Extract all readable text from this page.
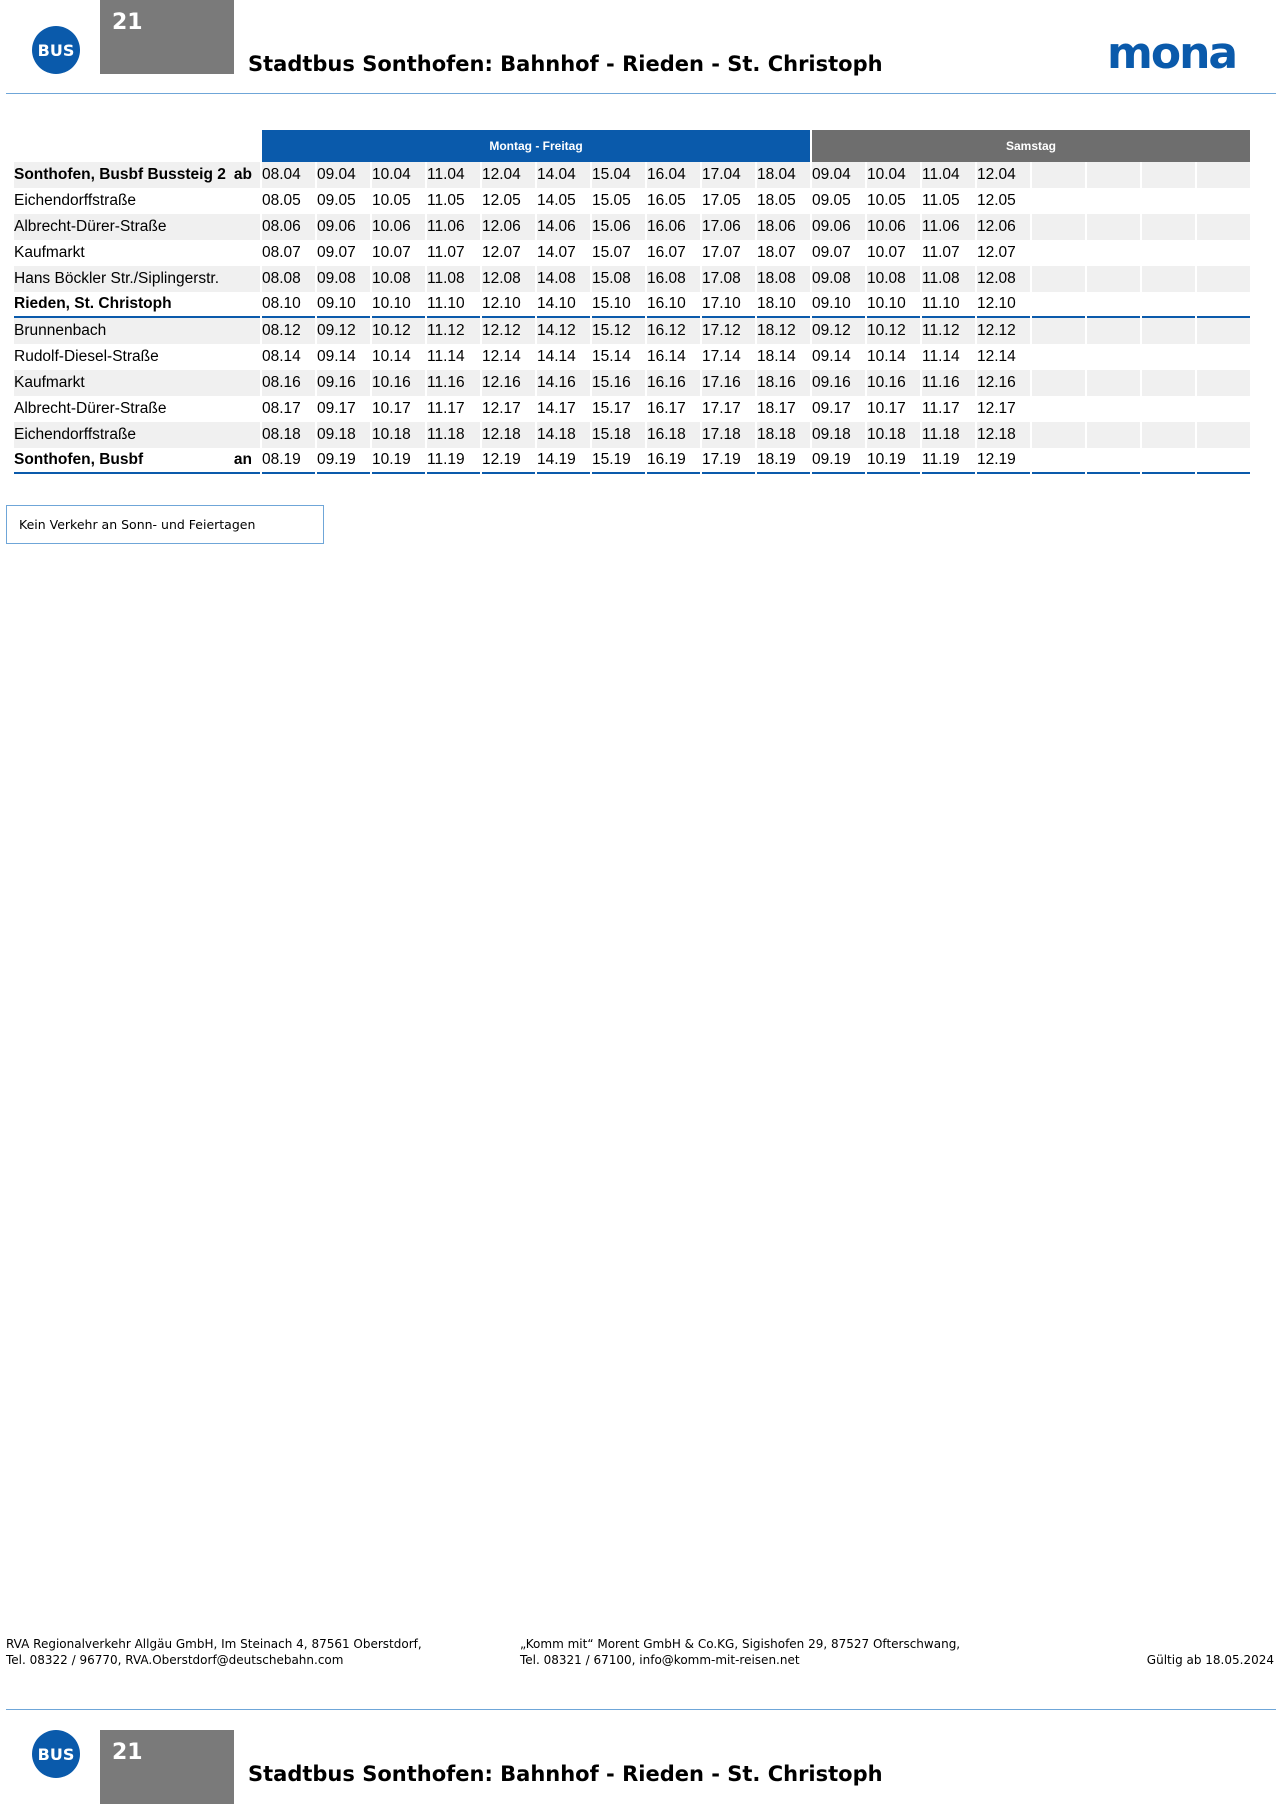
BUS
21
Stadtbus Sonthofen: Bahnhof - Rieden - St. Christoph	mona
	Montag - Freitag										Samstag							
Sonthofen, Busbf Bussteig 2 ab	08.04	09.04	10.04	11.04	12.04	14.04	15.04	16.04	17.04	18.04	09.04	10.04	11.04	12.04				
Eichendorffstraße	08.05	09.05	10.05	11.05	12.05	14.05	15.05	16.05	17.05	18.05	09.05	10.05	11.05	12.05				
Albrecht-Dürer-Straße	08.06	09.06	10.06	11.06	12.06	14.06	15.06	16.06	17.06	18.06	09.06	10.06	11.06	12.06				
Kaufmarkt	08.07	09.07	10.07	11.07	12.07	14.07	15.07	16.07	17.07	18.07	09.07	10.07	11.07	12.07				
Hans Böckler Str./Siplingerstr.	08.08	09.08	10.08	11.08	12.08	14.08	15.08	16.08	17.08	18.08	09.08	10.08	11.08	12.08				
Rieden, St. Christoph	08.10	09.10	10.10	11.10	12.10	14.10	15.10	16.10	17.10	18.10	09.10	10.10	11.10	12.10				
Brunnenbach	08.12	09.12	10.12	11.12	12.12	14.12	15.12	16.12	17.12	18.12	09.12	10.12	11.12	12.12				
Rudolf-Diesel-Straße	08.14	09.14	10.14	11.14	12.14	14.14	15.14	16.14	17.14	18.14	09.14	10.14	11.14	12.14				
Kaufmarkt	08.16	09.16	10.16	11.16	12.16	14.16	15.16	16.16	17.16	18.16	09.16	10.16	11.16	12.16				
Albrecht-Dürer-Straße	08.17	09.17	10.17	11.17	12.17	14.17	15.17	16.17	17.17	18.17	09.17	10.17	11.17	12.17				
Eichendorffstraße	08.18	09.18	10.18	11.18	12.18	14.18	15.18	16.18	17.18	18.18	09.18	10.18	11.18	12.18				
Sonthofen, Busbf an	08.19	09.19	10.19	11.19	12.19	14.19	15.19	16.19	17.19	18.19	09.19	10.19	11.19	12.19				
Kein Verkehr an Sonn- und Feiertagen
RVA Regionalverkehr Allgäu GmbH, Im Steinach 4, 87561 Oberstdorf,
Tel. 08322 / 96770, RVA.Oberstdorf@deutschebahn.com
„Komm mit“ Morent GmbH & Co.KG, Sigishofen 29, 87527 Ofterschwang,
Tel. 08321 / 67100, info@komm-mit-reisen.net	Gültig ab 18.05.2024
BUS	21
Stadtbus Sonthofen: Bahnhof - Rieden - St. Christoph
